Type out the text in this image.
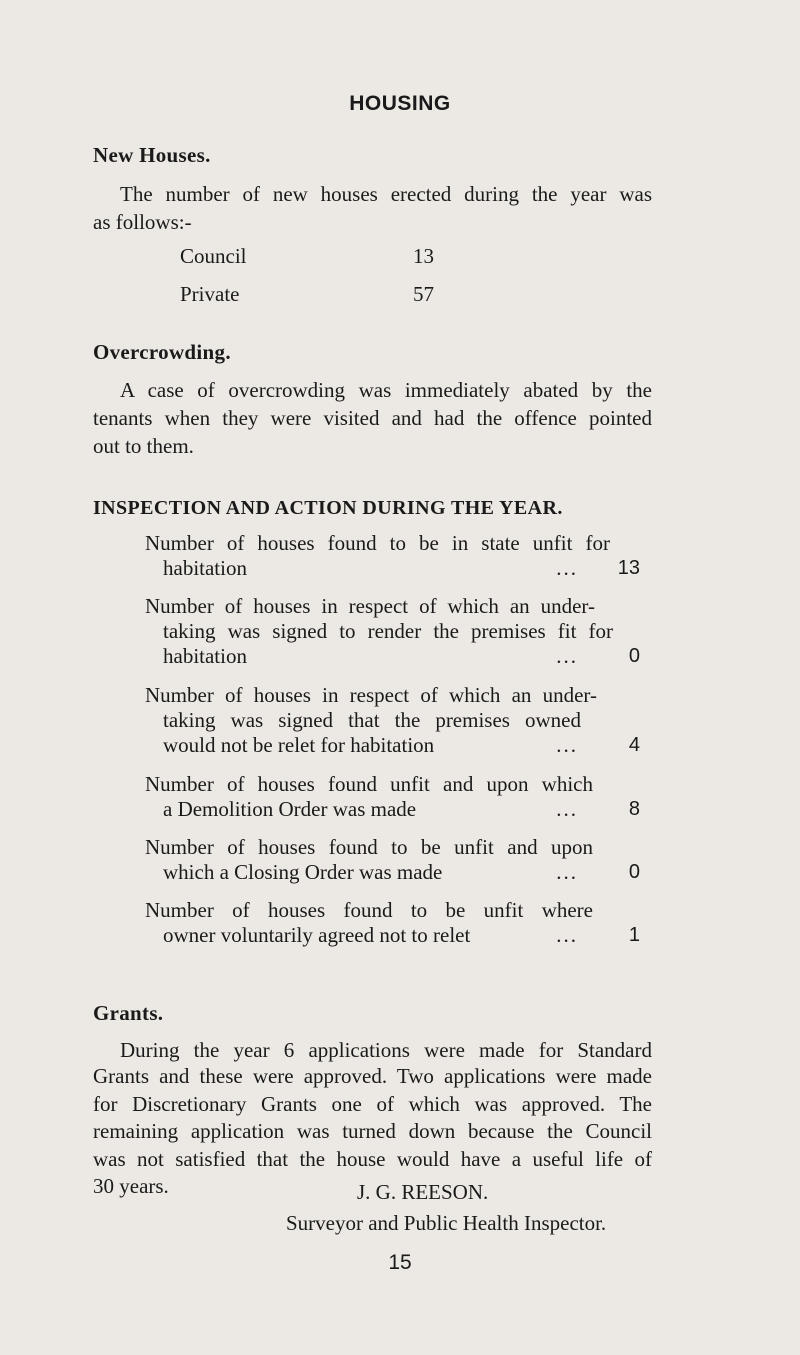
HOUSING
New Houses.
The number of new houses erected during the year was
as follows:-
Council	13
Private	57
Overcrowding.
A case of overcrowding was immediately abated by the
tenants when they were visited and had the offence pointed
out to them.
INSPECTION AND ACTION DURING THE YEAR.
Number of houses found to be in state unfit for
habitation	...	13
Number of houses in respect of which an under-
taking was signed to render the premises fit for
habitation	...	0
Number of houses in respect of which an under-
taking was signed that the premises owned
would not be relet for habitation	...	4
Number of houses found unfit and upon which
a Demolition Order was made	...	8
Number of houses found to be unfit and upon
which a Closing Order was made	...	0
Number of houses found to be unfit where
owner voluntarily agreed not to relet	...	1
Grants.
During the year 6 applications were made for Standard
Grants and these were approved. Two applications were made
for Discretionary Grants one of which was approved. The
remaining application was turned down because the Council
was not satisfied that the house would have a useful life of
30 years.	J. G. REESON.
Surveyor and Public Health Inspector.
15
